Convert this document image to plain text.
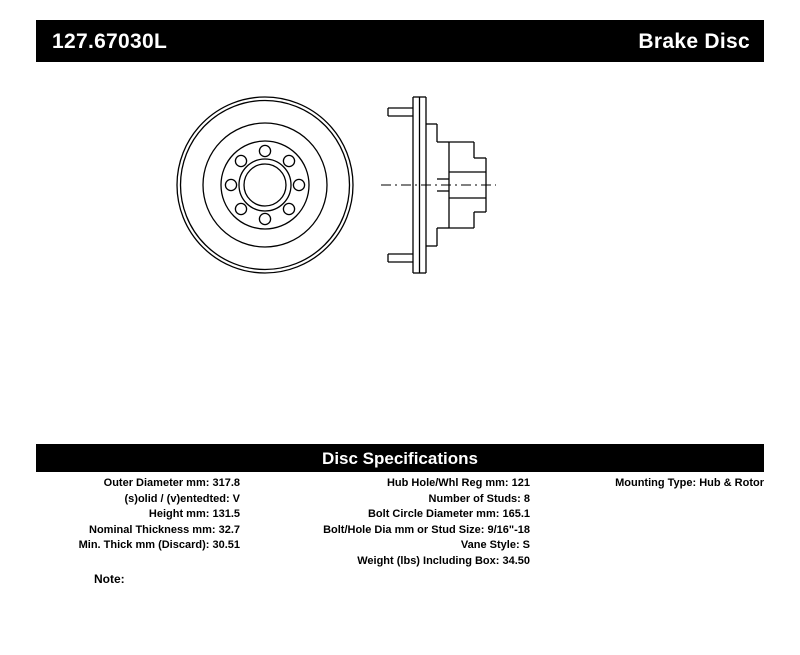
127.67030L	Brake Disc
Disc Specifications
Outer Diameter mm: 317.8
(s)olid / (v)entedted: V
Height mm: 131.5
Nominal Thickness mm: 32.7
Min. Thick mm (Discard): 30.51
Hub Hole/Whl Reg mm: 121
Number of Studs: 8
Bolt Circle Diameter mm: 165.1
Bolt/Hole Dia mm or Stud Size: 9/16"-18
Vane Style: S
Weight (lbs) Including Box: 34.50
Mounting Type: Hub & Rotor
Note:
